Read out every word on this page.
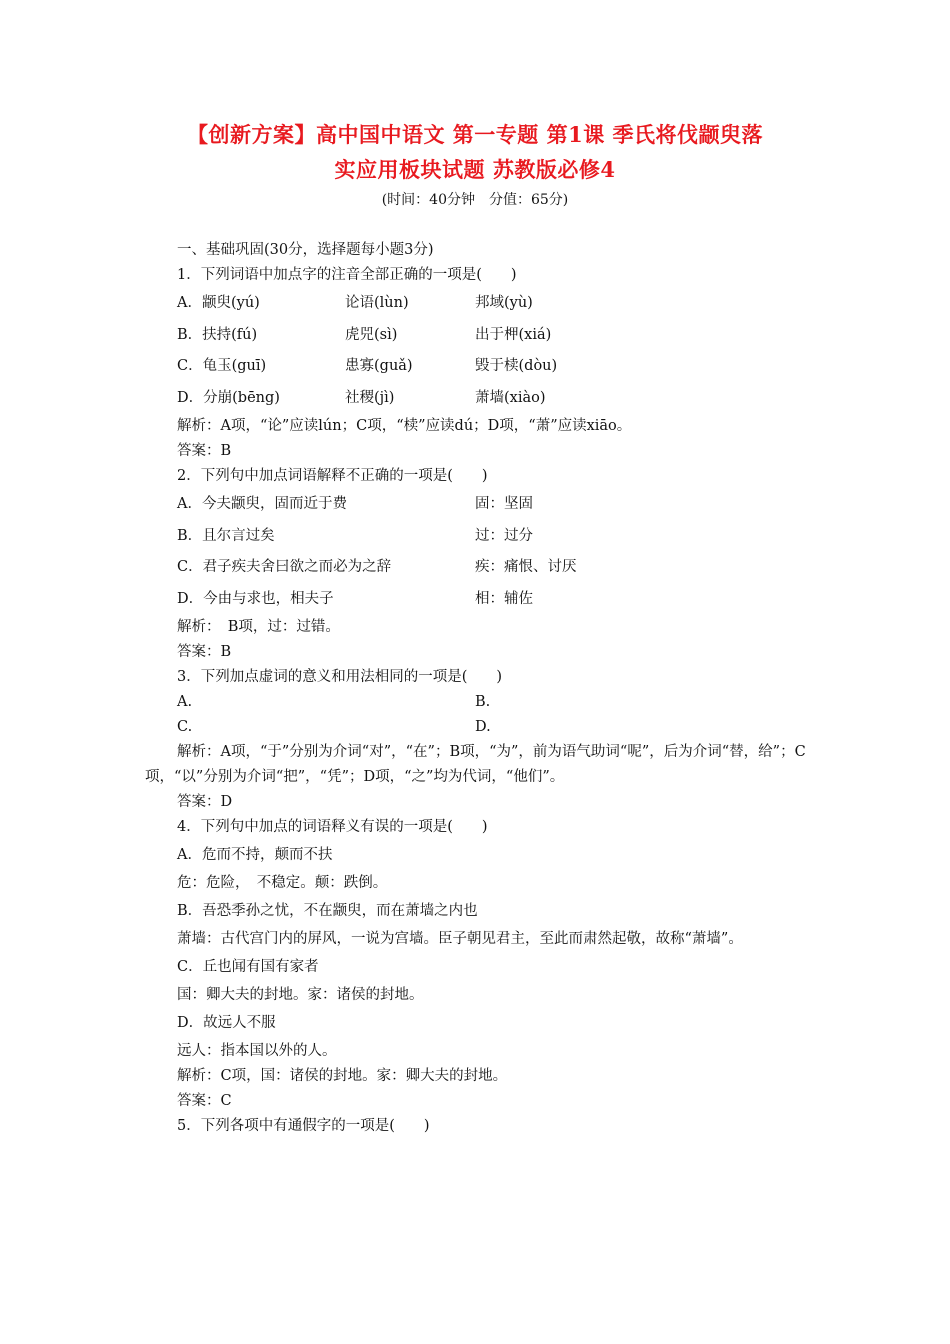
【创新方案】高中国中语文 第一专题 第1课 季氏将伐颛臾落
实应用板块试题 苏教版必修4
(时间：40分钟　分值：65分)
一、基础巩固(30分，选择题每小题3分)
1．下列词语中加点字的注音全部正确的一项是(　　)
A．颛臾(yú)	论语(lùn)	邦域(yù)

B．扶持(fú)	虎兕(sì)	出于柙(xiá)

C．龟玉(guī)	患寡(guǎ)	毁于椟(dòu)

D．分崩(bēng)	社稷(jì)	萧墙(xiào)

解析：A项，“论”应读lún；C项，“椟”应读dú；D项，“萧”应读xiāo。
答案：B
2．下列句中加点词语解释不正确的一项是(　　)
A．今夫颛臾，固而近于费	固：坚固

B．且尔言过矣	过：过分

C．君子疾夫舍曰欲之而必为之辞	疾：痛恨、讨厌

D．今由与求也，相夫子	相：辅佐

解析：　B项，过：过错。
答案：B
3．下列加点虚词的意义和用法相同的一项是(　　)
A.	B.

C.	D.

解析：A项，“于”分别为介词“对”，“在”；B项，“为”，前为语气助词“呢”，后为介词“替，给”；C项，“以”分别为介词“把”，“凭”；D项，“之”均为代词，“他们”。
答案：D
4．下列句中加点的词语释义有误的一项是(　　)
A．危而不持，颠而不扶
危：危险，　不稳定。颠：跌倒。
B．吾恐季孙之忧，不在颛臾，而在萧墙之内也
萧墙：古代宫门内的屏风，一说为宫墙。臣子朝见君主，至此而肃然起敬，故称“萧墙”。
C．丘也闻有国有家者
国：卿大夫的封地。家：诸侯的封地。
D．故远人不服
远人：指本国以外的人。
解析：C项，国：诸侯的封地。家：卿大夫的封地。
答案：C
5．下列各项中有通假字的一项是(　　)
